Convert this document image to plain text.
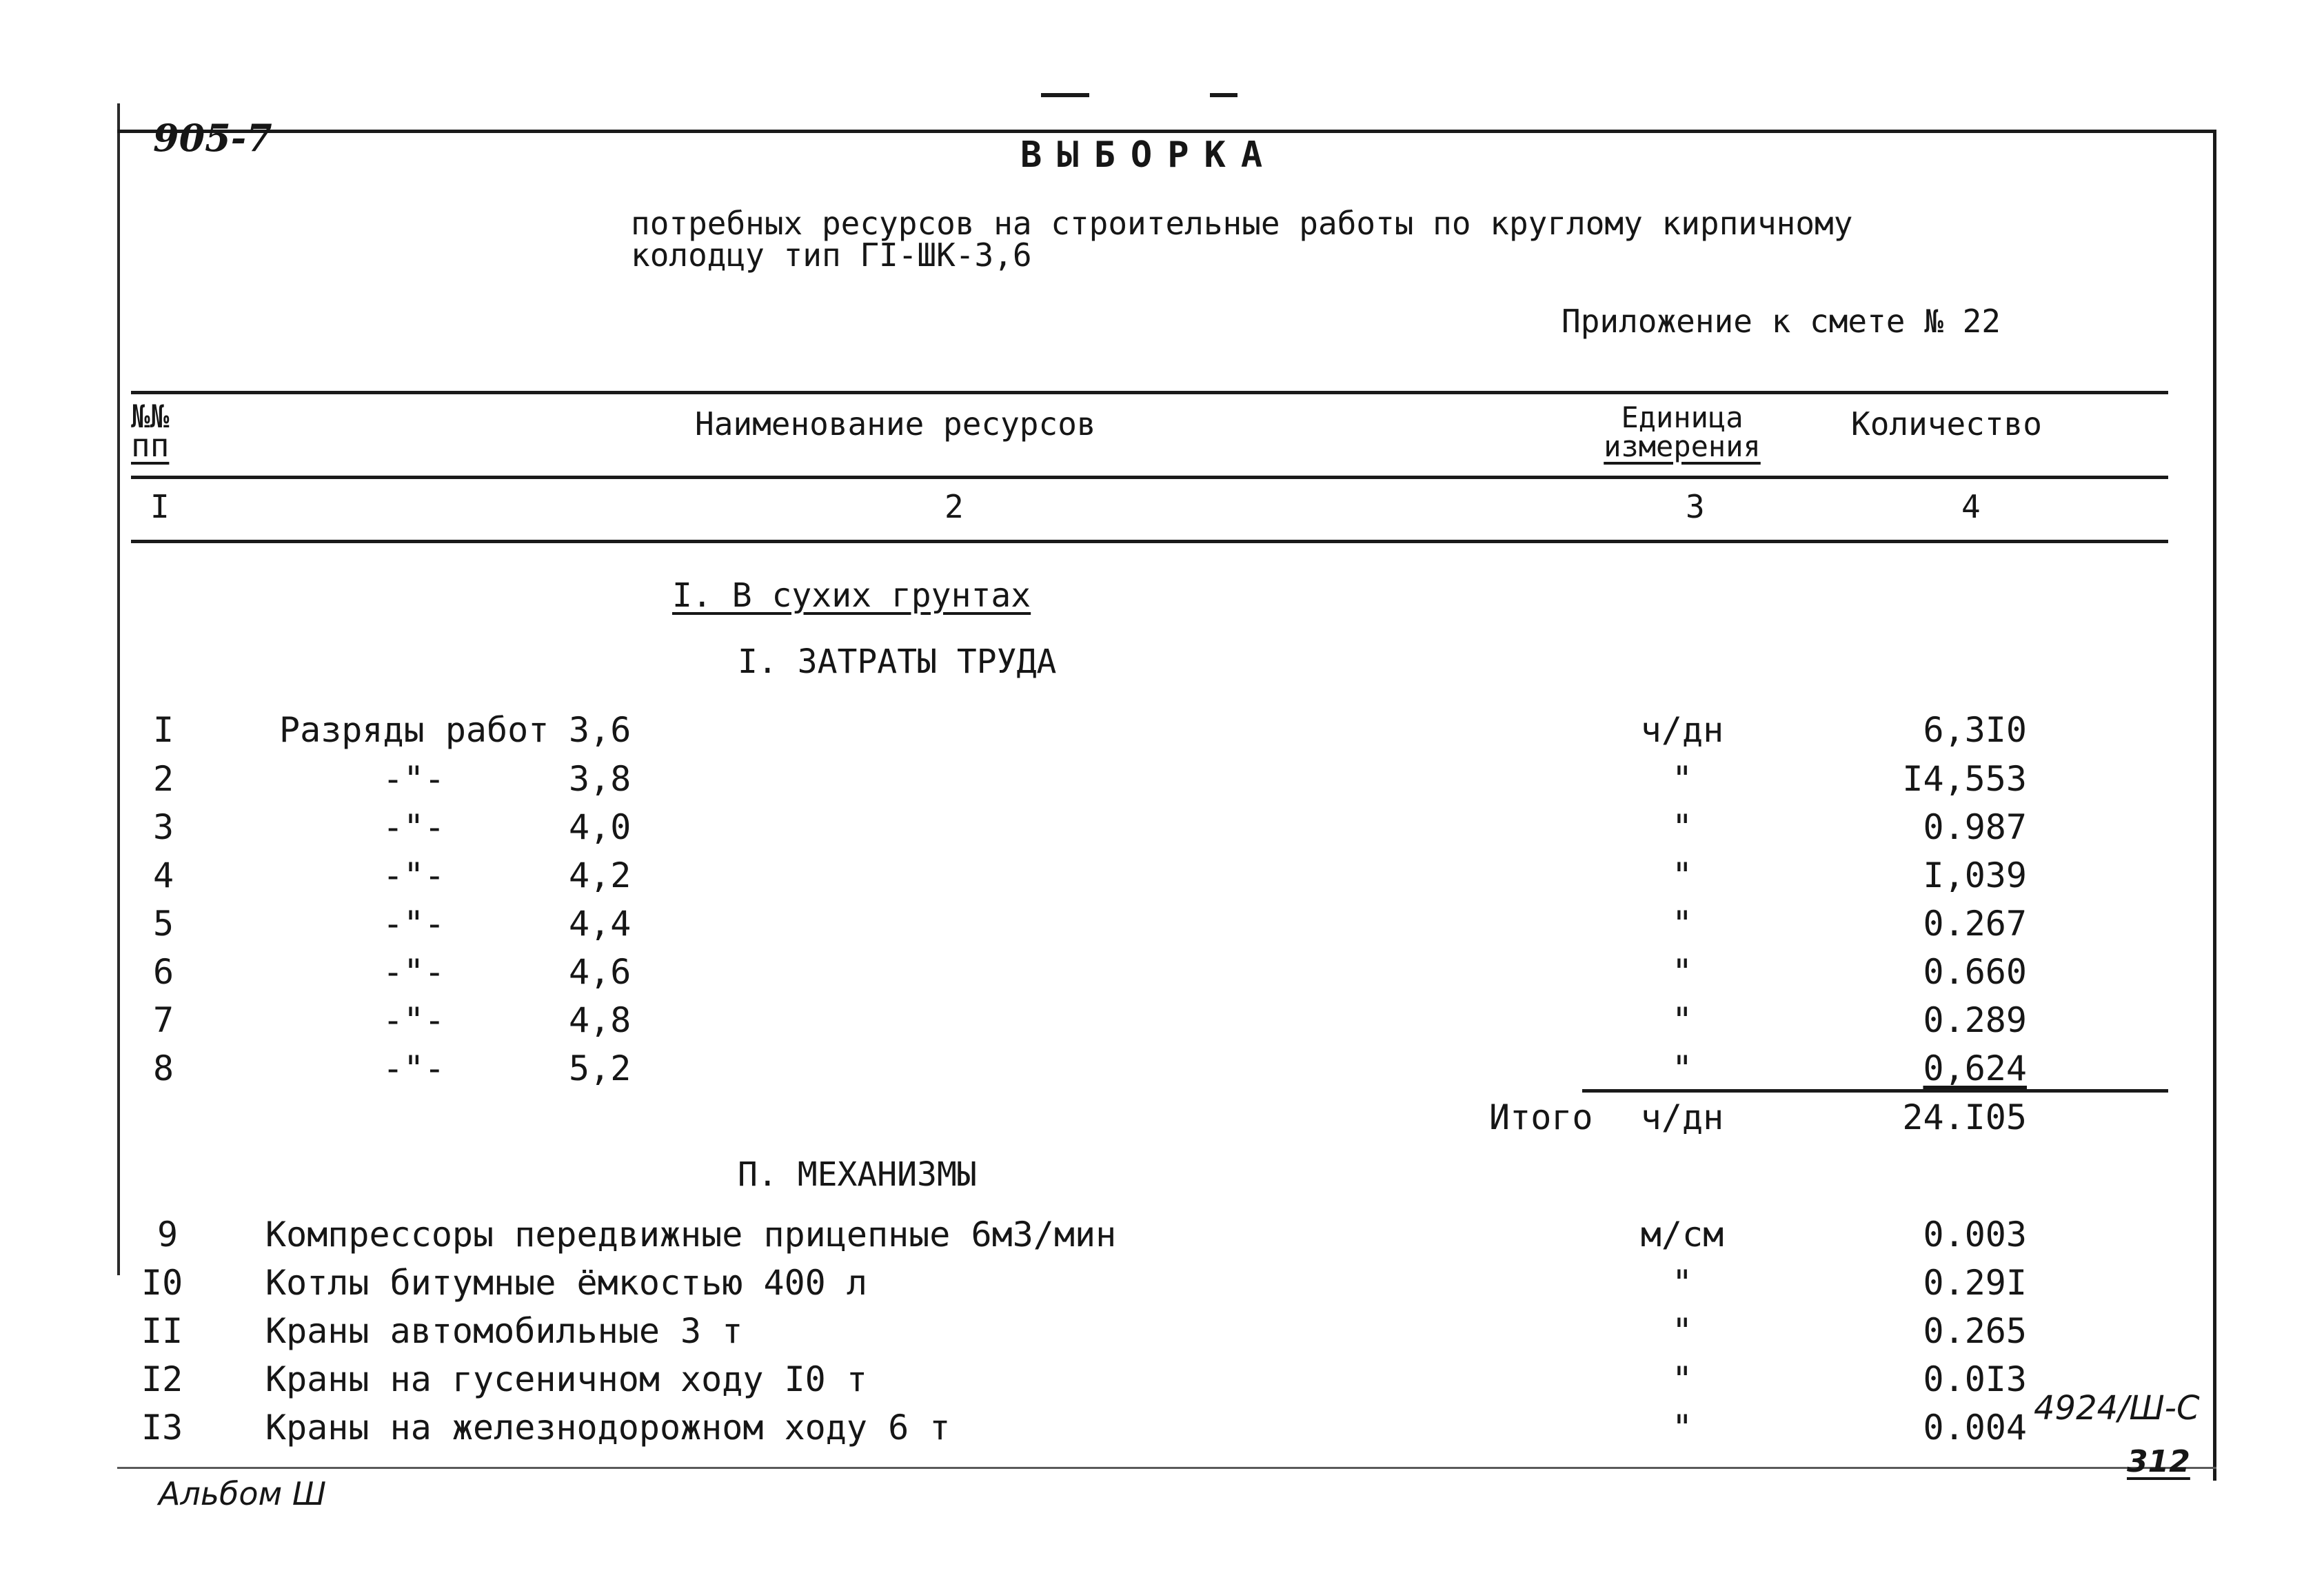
905-7	ВЫБОРКА
потребных ресурсов на строительные работы по круглому кирпичному
колодцу тип ГI-ШК-3,6
Приложение к смете № 22
№№
пп
Наименование ресурсов	Единица
измерения
Количество
I	2	3	4
I. В сухих грунтах
I. ЗАТРАТЫ ТРУДА
I	Разряды работ 3,6	ч/дн	6,3I0
2	-"-	3,8	"	I4,553
3	-"-	4,0	"	0.987
4	-"-	4,2	"	I,039
5	-"-	4,4	"	0.267
6	-"-	4,6	"	0.660
7	-"-	4,8	"	0.289
8	-"-	5,2	"	0,624
Итого	ч/дн	24.I05
П. МЕХАНИЗМЫ
9	Компрессоры передвижные прицепные 6м3/мин	м/см	0.003
I0 Котлы битумные ёмкостью 400 л	"	0.29I
II Краны автомобильные 3 т	"	0.265
I2 Краны на гусеничном ходу I0 т	"	0.0I3
I3 Краны на железнодорожном ходу 6 т	"	0.004 4924/Ш-С
312
Альбом Ш
